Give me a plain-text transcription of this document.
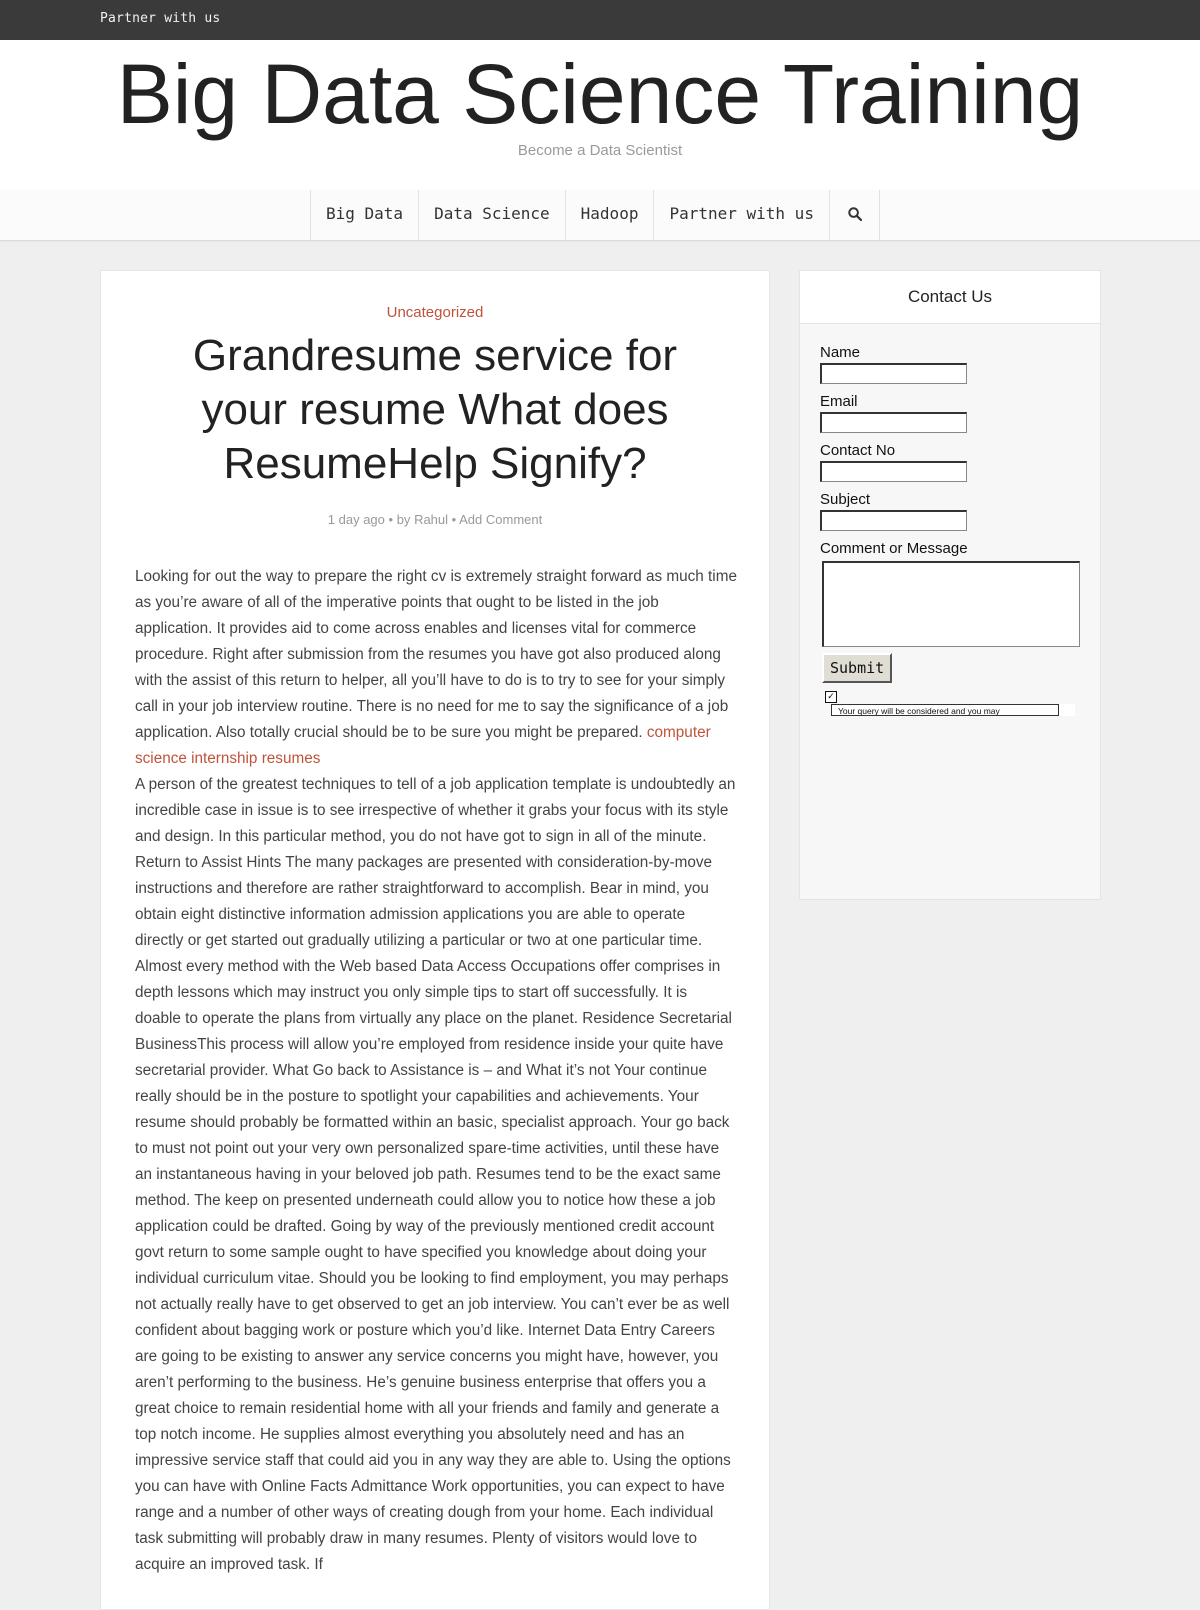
Partner with us
Big Data Science Training
Become a Data Scientist
Big Data	Data Science	Hadoop	Partner with us
Uncategorized
Grandresume service for your resume What does ResumeHelp Signify?
1 day ago • by Rahul • Add Comment

Looking for out the way to prepare the right cv is extremely straight forward as much time as you’re aware of all of the imperative points that ought to be listed in the job application. It provides aid to come across enables and licenses vital for commerce procedure. Right after submission from the resumes you have got also produced along with the assist of this return to helper, all you’ll have to do is to try to see for your simply call in your job interview routine. There is no need for me to say the significance of a job application. Also totally crucial should be to be sure you might be prepared. computer science internship resumes

A person of the greatest techniques to tell of a job application template is undoubtedly an incredible case in issue is to see irrespective of whether it grabs your focus with its style and design. In this particular method, you do not have got to sign in all of the minute. Return to Assist Hints The many packages are presented with consideration-by-move instructions and therefore are rather straightforward to accomplish. Bear in mind, you obtain eight distinctive information admission applications you are able to operate directly or get started out gradually utilizing a particular or two at one particular time. Almost every method with the Web based Data Access Occupations offer comprises in depth lessons which may instruct you only simple tips to start off successfully. It is doable to operate the plans from virtually any place on the planet. Residence Secretarial BusinessThis process will allow you’re employed from residence inside your quite have secretarial provider. What Go back to Assistance is – and What it’s not Your continue really should be in the posture to spotlight your capabilities and achievements. Your resume should probably be formatted within an basic, specialist approach. Your go back to must not point out your very own personalized spare-time activities, until these have an instantaneous having in your beloved job path. Resumes tend to be the exact same method. The keep on presented underneath could allow you to notice how these a job application could be drafted. Going by way of the previously mentioned credit account govt return to some sample ought to have specified you knowledge about doing your individual curriculum vitae. Should you be looking to find employment, you may perhaps not actually really have to get observed to get an job interview. You can’t ever be as well confident about bagging work or posture which you’d like. Internet Data Entry Careers are going to be existing to answer any service concerns you might have, however, you aren’t performing to the business. He’s genuine business enterprise that offers you a great choice to remain residential home with all your friends and family and generate a top notch income. He supplies almost everything you absolutely need and has an impressive service staff that could aid you in any way they are able to. Using the options you can have with Online Facts Admittance Work opportunities, you can expect to have range and a number of other ways of creating dough from your home. Each individual task submitting will probably draw in many resumes. Plenty of visitors would love to acquire an improved task. If

Contact Us
Name
Email
Contact No
Subject
Comment or Message
Submit
✓
Your query will be considered and you may
